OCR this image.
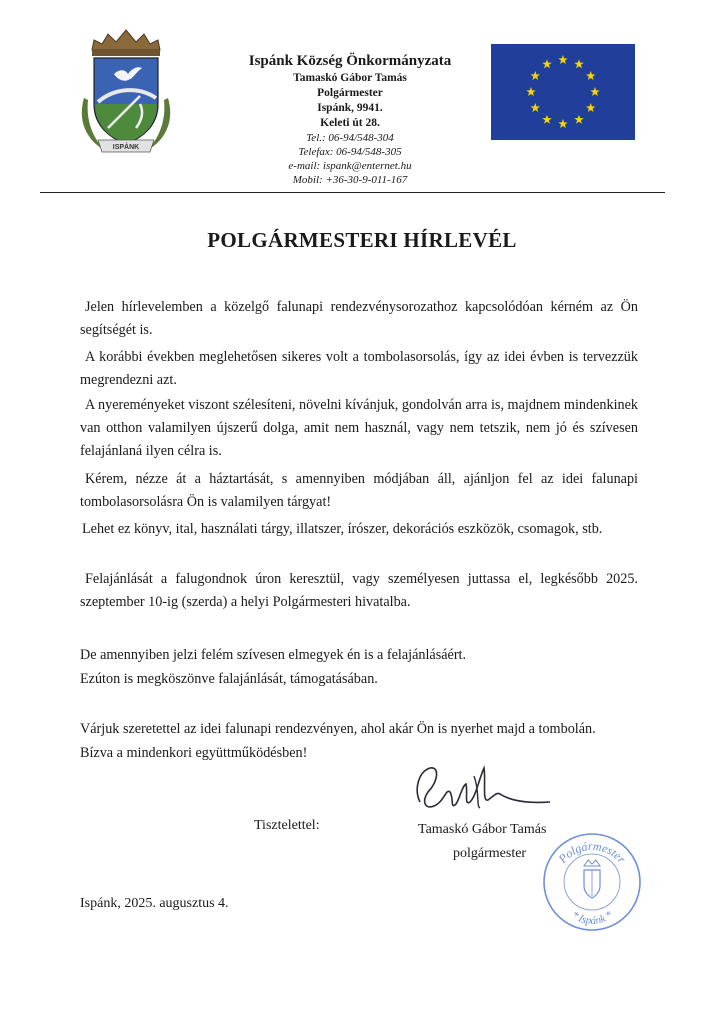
ISPÁNK
Ispánk Község Önkormányzata
Tamaskó Gábor Tamás
Polgármester
Ispánk, 9941.
Keleti út 28.
Tel.: 06-94/548-304
Telefax: 06-94/548-305
e-mail: ispank@enternet.hu
Mobil: +36-30-9-011-167
POLGÁRMESTERI HÍRLEVÉL

Jelen hírlevelemben a közelgő falunapi rendezvénysorozathoz kapcsolódóan kérném az Ön segítségét is.

A korábbi években meglehetősen sikeres volt a tombolasorsolás, így az idei évben is tervezzük megrendezni azt.

A nyereményeket viszont szélesíteni, növelni kívánjuk, gondolván arra is, majdnem mindenkinek van otthon valamilyen újszerű dolga, amit nem használ, vagy nem tetszik, nem jó és szívesen felajánlaná ilyen célra is.

Kérem, nézze át a háztartását, s amennyiben módjában áll, ajánljon fel az idei falunapi tombolasorsolásra Ön is valamilyen tárgyat!

Lehet ez könyv, ital, használati tárgy, illatszer, írószer, dekorációs eszközök, csomagok, stb.

Felajánlását a falugondnok úron keresztül, vagy személyesen juttassa el, legkésőbb 2025. szeptember 10-ig (szerda) a helyi Polgármesteri hivatalba.

De amennyiben jelzi felém szívesen elmegyek én is a felajánlásáért.

Ezúton is megköszönve falajánlását, támogatásában.

Várjuk szeretettel az idei falunapi rendezvényen, ahol akár Ön is nyerhet majd a tombolán.

Bízva a mindenkori együttműködésben!

Tisztelettel:	Tamaskó Gábor Tamás
polgármester Polgármester
* Ispánk *
Ispánk, 2025. augusztus 4.
